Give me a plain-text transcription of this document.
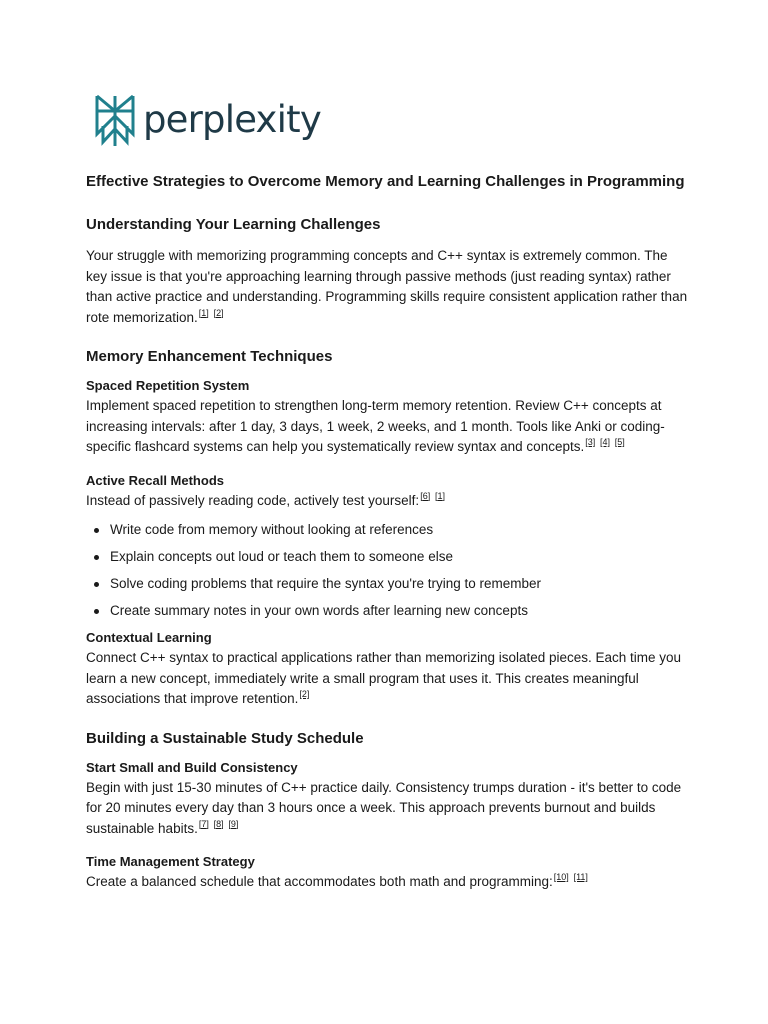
perplexity
Effective Strategies to Overcome Memory and Learning Challenges in Programming
Understanding Your Learning Challenges

Your struggle with memorizing programming concepts and C++ syntax is extremely common. The key issue is that you're approaching learning through passive methods (just reading syntax) rather than active practice and understanding. Programming skills require consistent application rather than rote memorization.[1] [2]

Memory Enhancement Techniques
Spaced Repetition System

Implement spaced repetition to strengthen long-term memory retention. Review C++ concepts at increasing intervals: after 1 day, 3 days, 1 week, 2 weeks, and 1 month. Tools like Anki or coding-specific flashcard systems can help you systematically review syntax and concepts.[3] [4] [5]

Active Recall Methods

Instead of passively reading code, actively test yourself:[6] [1]

Write code from memory without looking at references
Explain concepts out loud or teach them to someone else
Solve coding problems that require the syntax you're trying to remember
Create summary notes in your own words after learning new concepts
Contextual Learning

Connect C++ syntax to practical applications rather than memorizing isolated pieces. Each time you learn a new concept, immediately write a small program that uses it. This creates meaningful associations that improve retention.[2]

Building a Sustainable Study Schedule
Start Small and Build Consistency

Begin with just 15-30 minutes of C++ practice daily. Consistency trumps duration - it's better to code for 20 minutes every day than 3 hours once a week. This approach prevents burnout and builds sustainable habits.[7] [8] [9]

Time Management Strategy

Create a balanced schedule that accommodates both math and programming:[10] [11]
